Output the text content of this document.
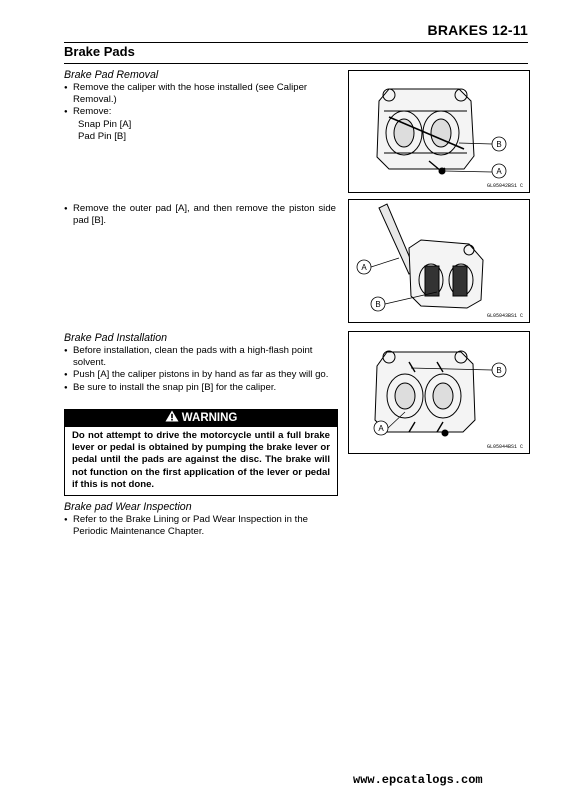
BRAKES 12-11
Brake Pads
Brake Pad Removal
● Remove the caliper with the hose installed (see Caliper Removal.)
● Remove:
Snap Pin [A]
Pad Pin [B]
● Remove the outer pad [A], and then remove the piston side pad [B].
Brake Pad Installation
● Before installation, clean the pads with a high-flash point solvent.
● Push [A] the caliper pistons in by hand as far as they will go.
● Be sure to install the snap pin [B] for the caliper.
WARNING
Do not attempt to drive the motorcycle until a full brake lever or pedal is obtained by pumping the brake lever or pedal until the pads are against the disc. The brake will not function on the first application of the lever or pedal if this is not done.
Brake pad Wear Inspection
● Refer to the Brake Lining or Pad Wear Inspection in the Periodic Maintenance Chapter.
B
A
GL05042BS1 C
A
B
GL05043BS1 C
B
A
GL05044BS1 C
www.epcatalogs.com
